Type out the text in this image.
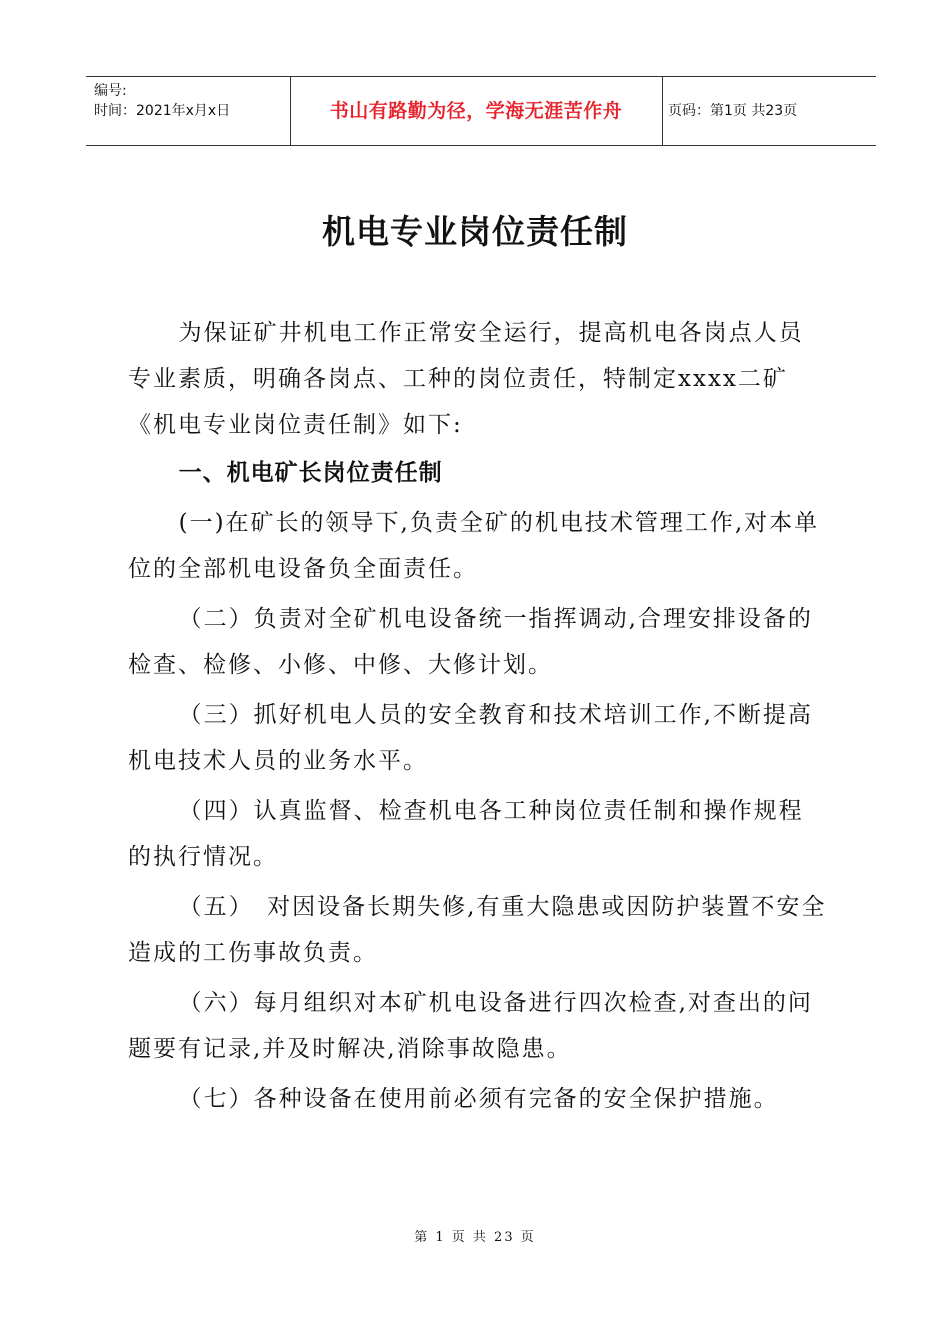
编号:
时间：2021年x月x日	书山有路勤为径，学海无涯苦作舟	页码：第1页 共23页
机电专业岗位责任制

为保证矿井机电工作正常安全运行，提高机电各岗点人员专业素质，明确各岗点、工种的岗位责任，特制定xxxx二矿《机电专业岗位责任制》如下:

一、机电矿长岗位责任制

(一)在矿长的领导下,负责全矿的机电技术管理工作,对本单位的全部机电设备负全面责任。

（二）负责对全矿机电设备统一指挥调动,合理安排设备的检查、检修、小修、中修、大修计划。

（三）抓好机电人员的安全教育和技术培训工作,不断提高机电技术人员的业务水平。

（四）认真监督、检查机电各工种岗位责任制和操作规程的执行情况。

（五）　对因设备长期失修,有重大隐患或因防护装置不安全造成的工伤事故负责。

（六）每月组织对本矿机电设备进行四次检查,对查出的问题要有记录,并及时解决,消除事故隐患。

（七）各种设备在使用前必须有完备的安全保护措施。

第 1 页 共 23 页
